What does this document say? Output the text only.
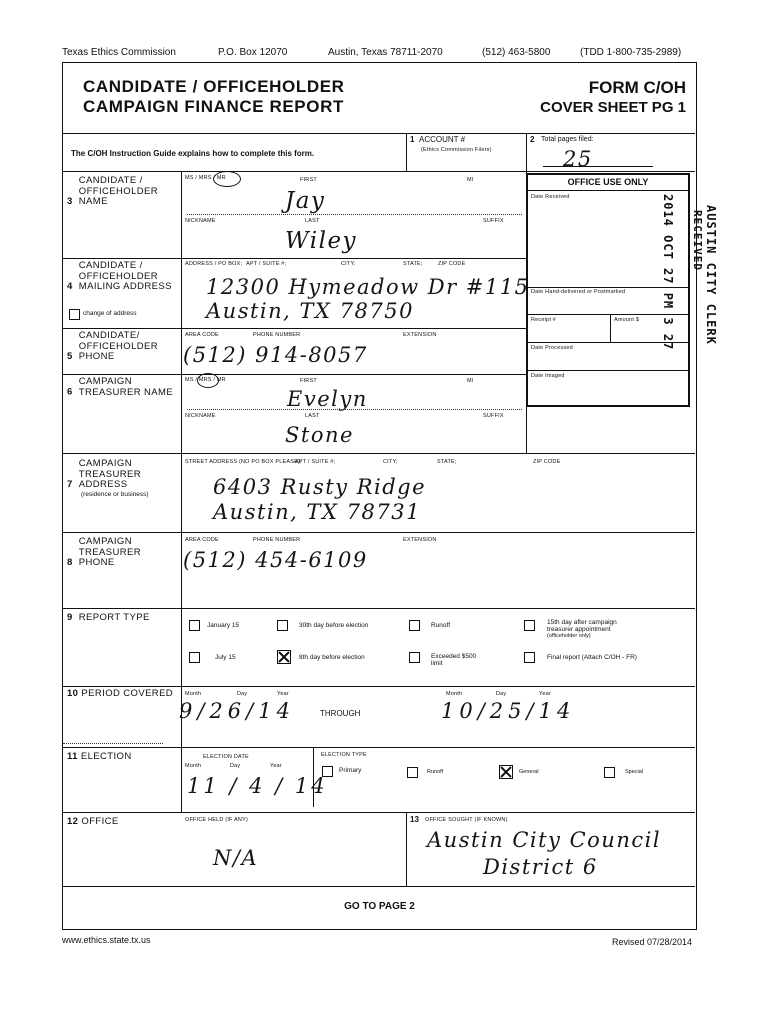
Texas Ethics Commission	P.O. Box 12070	Austin, Texas 78711-2070	(512) 463-5800	(TDD 1-800-735-2989)
CANDIDATE / OFFICEHOLDER
CAMPAIGN FINANCE REPORT
FORM C/OH
COVER SHEET PG 1
The C/OH Instruction Guide explains how to complete this form.
1 ACCOUNT #
(Ethics Commission Filers)
2 Total pages filed:
25
OFFICE USE ONLY
Date Received
Date Hand-delivered or Postmarked
Receipt #	Amount $
Date Processed
Date Imaged
3  CANDIDATE / OFFICEHOLDER NAME
MS / MRS / MR	FIRST	MI
Jay
NICKNAME	LAST	SUFFIX
Wiley
4  CANDIDATE / OFFICEHOLDER MAILING ADDRESS
change of address
ADDRESS / PO BOX; APT / SUITE #;	CITY;	STATE;	ZIP CODE
12300 Hymeadow Dr #115
Austin, TX 78750
5  CANDIDATE/ OFFICEHOLDER PHONE
AREA CODE	PHONE NUMBER	EXTENSION
(512) 914-8057
6  CAMPAIGN TREASURER NAME
MS / MRS / MR	FIRST	MI
Evelyn
NICKNAME	LAST	SUFFIX
Stone
7  CAMPAIGN TREASURER ADDRESS
(residence or business)
STREET ADDRESS (NO PO BOX PLEASE);
APT / SUITE #;	CITY;	STATE;	ZIP CODE
6403 Rusty Ridge
Austin, TX 78731
8  CAMPAIGN TREASURER PHONE
AREA CODE	PHONE NUMBER	EXTENSION
(512) 454-6109
9 REPORT TYPE
January 15	30th day before election	Runoff	15th day after campaign
treasurer appointment
(officeholder only)
July 15	8th day before election	Exceeded $500
limit
Final report (Attach C/OH - FR)
10 PERIOD COVERED	Month	Day	Year
9/26/14	THROUGH
Month	Day	Year
10/25/14
11 ELECTION	ELECTION DATE
Month	Day	Year
11 / 4 / 14
ELECTION TYPE
Primary	Runoff	General	Special
12 OFFICE	OFFICE HELD (IF ANY)
N/A
13 OFFICE SOUGHT (IF KNOWN)
Austin City Council
District 6
GO TO PAGE 2
2014 OCT 27 PM 3 27 AUSTIN CITY CLERK
RECEIVED
www.ethics.state.tx.us	Revised 07/28/2014
